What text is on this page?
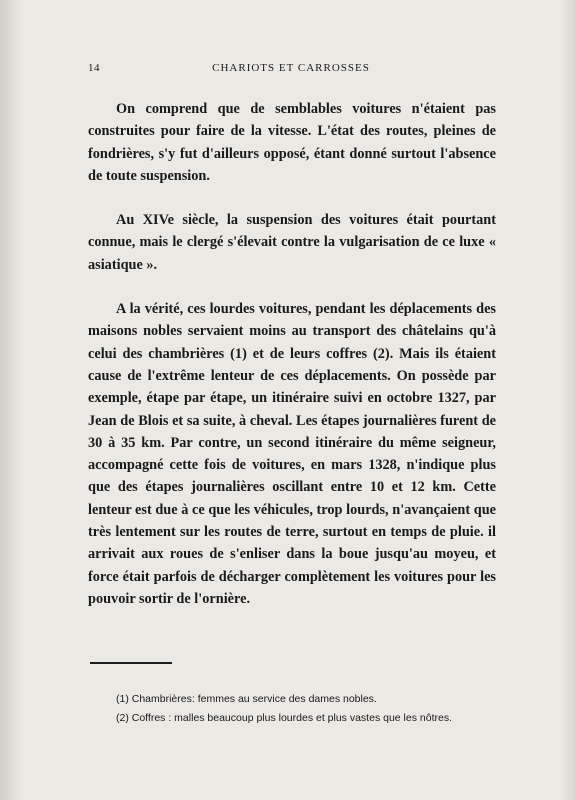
14	CHARIOTS ET CARROSSES

On comprend que de semblables voitures n'étaient pas construites pour faire de la vitesse. L'état des routes, pleines de fondrières, s'y fut d'ailleurs opposé, étant donné surtout l'absence de toute suspension.

Au XIVe siècle, la suspension des voitures était pourtant connue, mais le clergé s'élevait contre la vulgarisation de ce luxe « asiatique ».

A la vérité, ces lourdes voitures, pendant les déplacements des maisons nobles servaient moins au transport des châtelains qu'à celui des chambrières (1) et de leurs coffres (2). Mais ils étaient cause de l'extrême lenteur de ces déplacements. On possède par exemple, étape par étape, un itinéraire suivi en octobre 1327, par Jean de Blois et sa suite, à cheval. Les étapes journalières furent de 30 à 35 km. Par contre, un second itinéraire du même seigneur, accompagné cette fois de voitures, en mars 1328, n'indique plus que des étapes journalières oscillant entre 10 et 12 km. Cette lenteur est due à ce que les véhicules, trop lourds, n'avançaient que très lentement sur les routes de terre, surtout en temps de pluie. il arrivait aux roues de s'enliser dans la boue jusqu'au moyeu, et force était parfois de décharger complètement les voitures pour les pouvoir sortir de l'ornière.

(1) Chambrières: femmes au service des dames nobles.

(2) Coffres : malles beaucoup plus lourdes et plus vastes que les nôtres.
